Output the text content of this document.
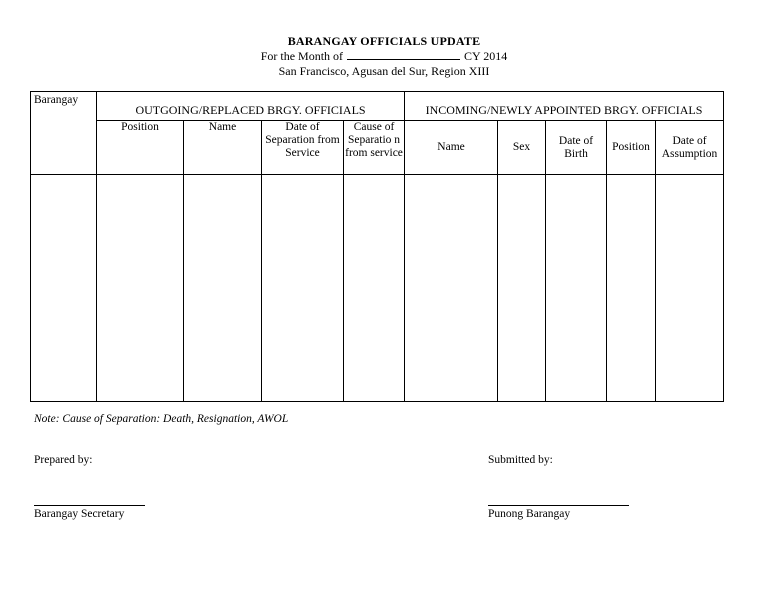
BARANGAY OFFICIALS UPDATE
For the Month of	CY 2014
San Francisco, Agusan del Sur, Region XIII
Barangay	OUTGOING/REPLACED BRGY. OFFICIALS				INCOMING/NEWLY APPOINTED BRGY. OFFICIALS				
	Position	Name	Date of Separation from Service	Cause of Separatio n from service	Name	Sex	Date of Birth	Position	Date of Assumption

Note: Cause of Separation: Death, Resignation, AWOL
Prepared by:
Barangay Secretary
Submitted by:
Punong Barangay
